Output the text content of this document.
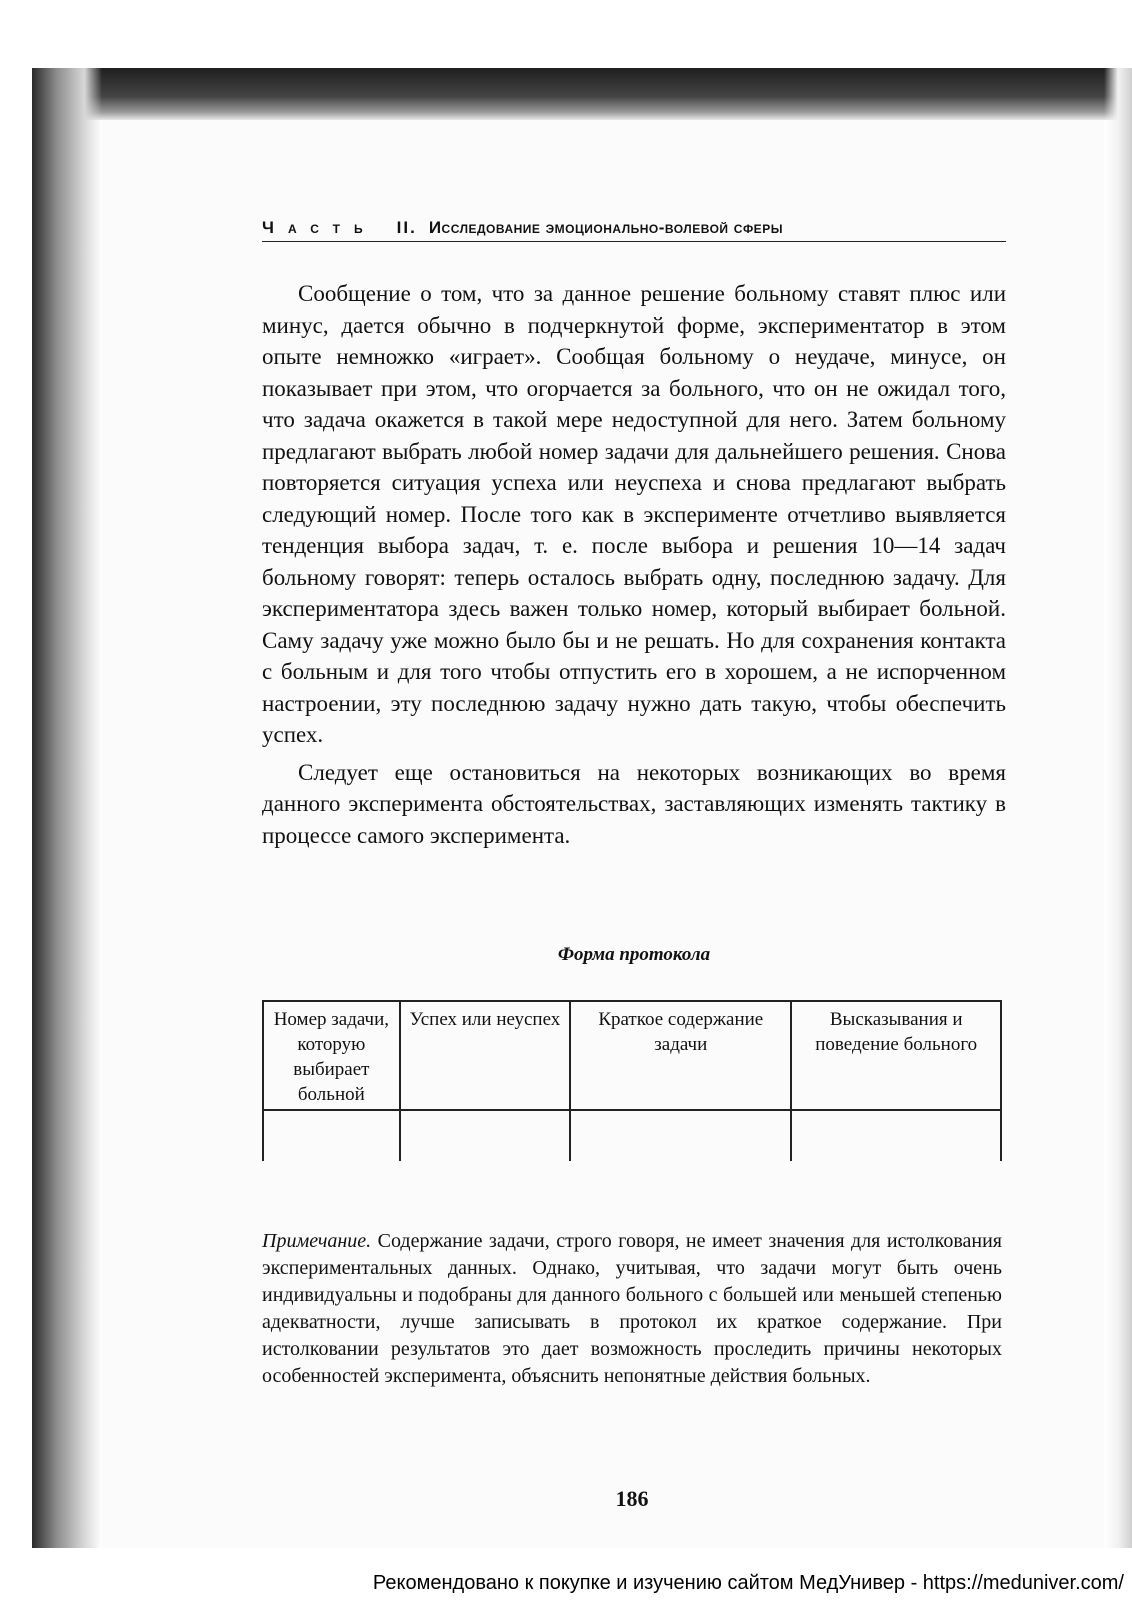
Часть II. Исследование эмоционально-волевой сферы

Сообщение о том, что за данное решение больному ставят плюс или минус, дается обычно в подчеркнутой форме, экспериментатор в этом опыте немножко «играет». Сообщая больному о неудаче, минусе, он показывает при этом, что огорчается за больного, что он не ожидал того, что задача окажется в такой мере недоступной для него. Затем больному предлагают выбрать любой номер задачи для дальнейшего решения. Снова повторяется ситуация успеха или неуспеха и снова предлагают выбрать следующий номер. После того как в эксперименте отчетливо выявляется тенденция выбора задач, т. е. после выбора и решения 10—14 задач больному говорят: теперь осталось выбрать одну, последнюю задачу. Для экспериментатора здесь важен только номер, который выбирает больной. Саму задачу уже можно было бы и не решать. Но для сохранения контакта с больным и для того чтобы отпустить его в хорошем, а не испорченном настроении, эту последнюю задачу нужно дать такую, чтобы обеспечить успех.

Следует еще остановиться на некоторых возникающих во время данного эксперимента обстоятельствах, заставляющих изменять тактику в процессе самого эксперимента.

Форма протокола
Номер задачи, которую выбирает больной	Успех или неуспех	Краткое содержание задачи	Высказывания и поведение больного

Примечание. Содержание задачи, строго говоря, не имеет значения для истолкования экспериментальных данных. Однако, учитывая, что задачи могут быть очень индивидуальны и подобраны для данного больного с большей или меньшей степенью адекватности, лучше записывать в протокол их краткое содержание. При истолковании результатов это дает возможность проследить причины некоторых особенностей эксперимента, объяснить непонятные действия больных.
186
Рекомендовано к покупке и изучению сайтом МедУнивер - https://meduniver.com/
